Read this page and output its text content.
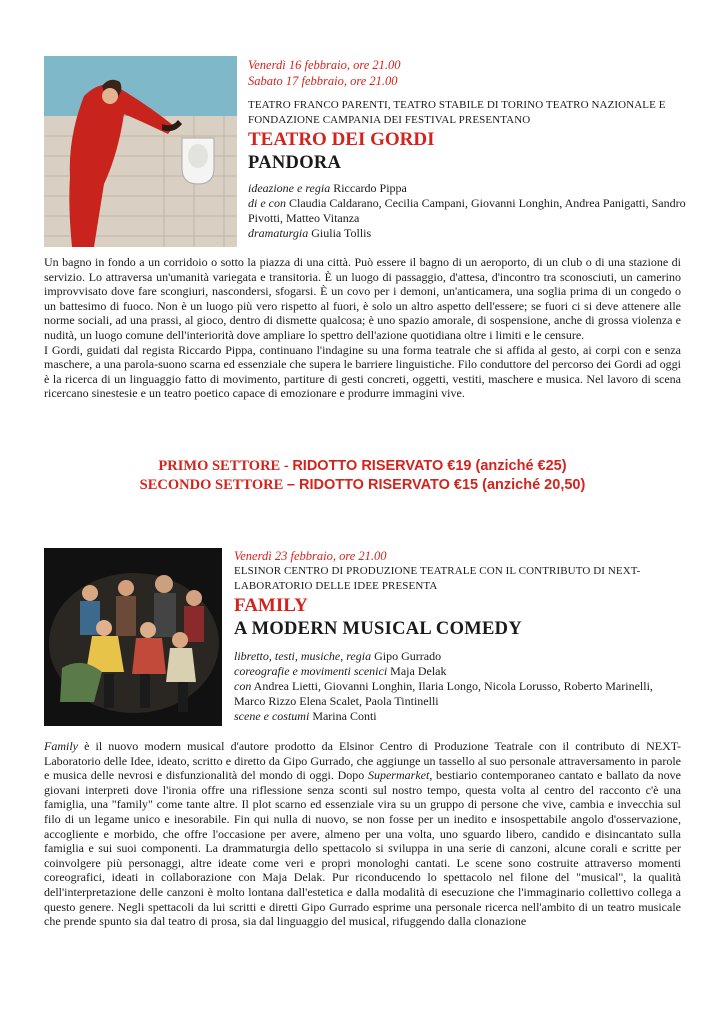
Venerdì 16 febbraio, ore 21.00
Sabato 17 febbraio, ore 21.00
TEATRO FRANCO PARENTI, TEATRO STABILE DI TORINO TEATRO NAZIONALE E FONDAZIONE CAMPANIA DEI FESTIVAL PRESENTANO
TEATRO DEI GORDI
PANDORA
ideazione e regia Riccardo Pippa
di e con Claudia Caldarano, Cecilia Campani, Giovanni Longhin, Andrea Panigatti, Sandro Pivotti, Matteo Vitanza
dramaturgia Giulia Tollis

Un bagno in fondo a un corridoio o sotto la piazza di una città. Può essere il bagno di un aeroporto, di un club o di una stazione di servizio. Lo attraversa un'umanità variegata e transitoria. È un luogo di passaggio, d'attesa, d'incontro tra sconosciuti, un camerino improvvisato dove fare scongiuri, nascondersi, sfogarsi. È un covo per i demoni, un'anticamera, una soglia prima di un congedo o un battesimo di fuoco. Non è un luogo più vero rispetto al fuori, è solo un altro aspetto dell'essere; se fuori ci si deve attenere alle norme sociali, ad una prassi, al gioco, dentro di dismette qualcosa; è uno spazio amorale, di sospensione, anche di grossa violenza e nudità, un luogo comune dell'interiorità dove ampliare lo spettro dell'azione quotidiana oltre i limiti e le censure.

I Gordi, guidati dal regista Riccardo Pippa, continuano l'indagine su una forma teatrale che si affida al gesto, ai corpi con e senza maschere, a una parola-suono scarna ed essenziale che supera le barriere linguistiche. Filo conduttore del percorso dei Gordi ad oggi è la ricerca di un linguaggio fatto di movimento, partiture di gesti concreti, oggetti, vestiti, maschere e musica. Nel lavoro di scena ricercano sinestesie e un teatro poetico capace di emozionare e produrre immagini vive.

PRIMO SETTORE - RIDOTTO RISERVATO €19 (anziché €25)
SECONDO SETTORE – RIDOTTO RISERVATO €15 (anziché 20,50)
Venerdì 23 febbraio, ore 21.00
ELSINOR CENTRO DI PRODUZIONE TEATRALE CON IL CONTRIBUTO DI NEXT-LABORATORIO DELLE IDEE PRESENTA
FAMILY
A MODERN MUSICAL COMEDY
libretto, testi, musiche, regia Gipo Gurrado
coreografie e movimenti scenici Maja Delak
con Andrea Lietti, Giovanni Longhin, Ilaria Longo, Nicola Lorusso, Roberto Marinelli, Marco Rizzo Elena Scalet, Paola Tintinelli
scene e costumi Marina Conti

Family è il nuovo modern musical d'autore prodotto da Elsinor Centro di Produzione Teatrale con il contributo di NEXT-Laboratorio delle Idee, ideato, scritto e diretto da Gipo Gurrado, che aggiunge un tassello al suo personale attraversamento in parole e musica delle nevrosi e disfunzionalità del mondo di oggi. Dopo Supermarket, bestiario contemporaneo cantato e ballato da nove giovani interpreti dove l'ironia offre una riflessione senza sconti sul nostro tempo, questa volta al centro del racconto c'è una famiglia, una "family" come tante altre. Il plot scarno ed essenziale vira su un gruppo di persone che vive, cambia e invecchia sul filo di un legame unico e inesorabile. Fin qui nulla di nuovo, se non fosse per un inedito e insospettabile angolo d'osservazione, accogliente e morbido, che offre l'occasione per avere, almeno per una volta, uno sguardo libero, candido e disincantato sulla famiglia e sui suoi componenti. La drammaturgia dello spettacolo si sviluppa in una serie di canzoni, alcune corali e scritte per coinvolgere più personaggi, altre ideate come veri e propri monologhi cantati. Le scene sono costruite attraverso momenti coreografici, ideati in collaborazione con Maja Delak. Pur riconducendo lo spettacolo nel filone del "musical", la qualità dell'interpretazione delle canzoni è molto lontana dall'estetica e dalla modalità di esecuzione che l'immaginario collettivo collega a questo genere. Negli spettacoli da lui scritti e diretti Gipo Gurrado esprime una personale ricerca nell'ambito di un teatro musicale che prende spunto sia dal teatro di prosa, sia dal linguaggio del musical, rifuggendo dalla clonazione
